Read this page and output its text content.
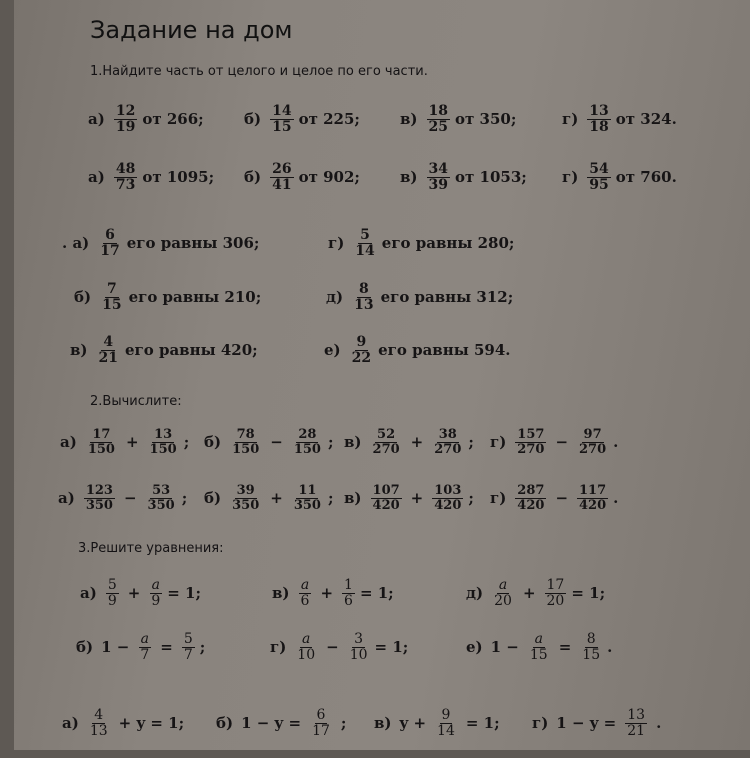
Задание на дом
1.Найдите часть от целого и целое по его части.
$а) \frac{12}{19}$ от 266;	$б) \frac{14}{15}$ от 225;	$в) \frac{18}{25}$ от 350;	$г) \frac{13}{18}$ от 324.
$а) \frac{48}{73}$ от 1095; $б) \frac{26}{41}$ от 902;	$в) \frac{34}{39}$ от 1053; $г) \frac{54}{95}$ от 760.
. $а) \frac{6}{17}$ его равны 306;	$г) \frac{5}{14}$ его равны 280;
$б) \frac{7}{15}$ его равны 210;	$д) \frac{8}{13}$ его равны 312;
$в) \frac{4}{21}$ его равны 420;	$е) \frac{9}{22}$ его равны 594.
2.Вычислите:
$а) \frac{17}{150} + \frac{13}{150}$ ; $б) \frac{78}{150} - \frac{28}{150}$ ; $в) \frac{52}{270} + \frac{38}{270}$ ; $г) \frac{157}{270} - \frac{97}{270}$ .
$а) \frac{123}{350} - \frac{53}{350}$ ; $б) \frac{39}{350} + \frac{11}{350}$ ; $в) \frac{107}{420} + \frac{103}{420}$ ; $г) \frac{287}{420} - \frac{117}{420}$ .
3.Решите уравнения:
$а) \frac{5}{9} + \frac{a}{9} = 1$;	$в) \frac{a}{6} + \frac{1}{6} = 1$;	$д) \frac{a}{20} + \frac{17}{20} = 1$;
б) $1 - \frac{a}{7} = \frac{5}{7}$ ;	$г) \frac{a}{10} - \frac{3}{10} = 1$;	е) $1 - \frac{a}{15} = \frac{8}{15}$ .
$а) \frac{4}{13} + y = 1$; б) $1 - y = \frac{6}{17}$ ; в) $y + \frac{9}{14} = 1$; г) $1 - y = \frac{13}{21}$ .
